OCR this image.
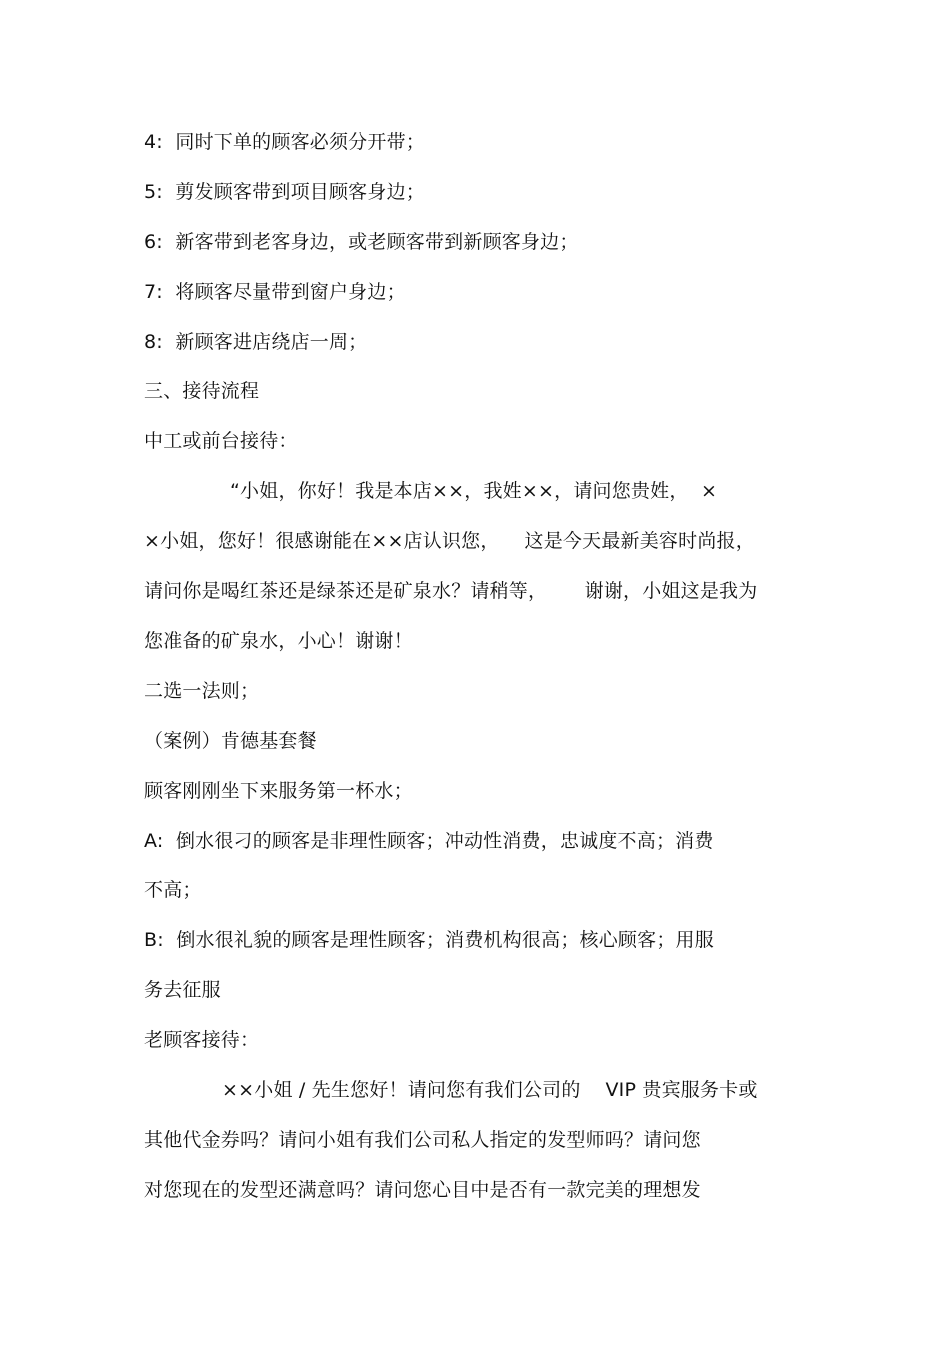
4:  同时下单的顾客必须分开带；
5:  剪发顾客带到项目顾客身边；
6:  新客带到老客身边，或老顾客带到新顾客身边；
7:  将顾客尽量带到窗户身边；
8:  新顾客进店绕店一周；
三、接待流程
中工或前台接待：
“小姐，你好！我是本店××，我姓××，请问您贵姓，  ×
×小姐，您好！很感谢能在××店认识您，    这是今天最新美容时尚报，
请问你是喝红茶还是绿茶还是矿泉水？请稍等，      谢谢，小姐这是我为
您准备的矿泉水，小心！谢谢！
二选一法则；
（案例）肯德基套餐
顾客刚刚坐下来服务第一杯水；
A:  倒水很刁的顾客是非理性顾客；冲动性消费，忠诚度不高；消费
不高；
B:  倒水很礼貌的顾客是理性顾客；消费机构很高；核心顾客；用服
务去征服
老顾客接待：
××小姐 / 先生您好！请问您有我们公司的    VIP 贵宾服务卡或
其他代金券吗？请问小姐有我们公司私人指定的发型师吗？请问您
对您现在的发型还满意吗？请问您心目中是否有一款完美的理想发
